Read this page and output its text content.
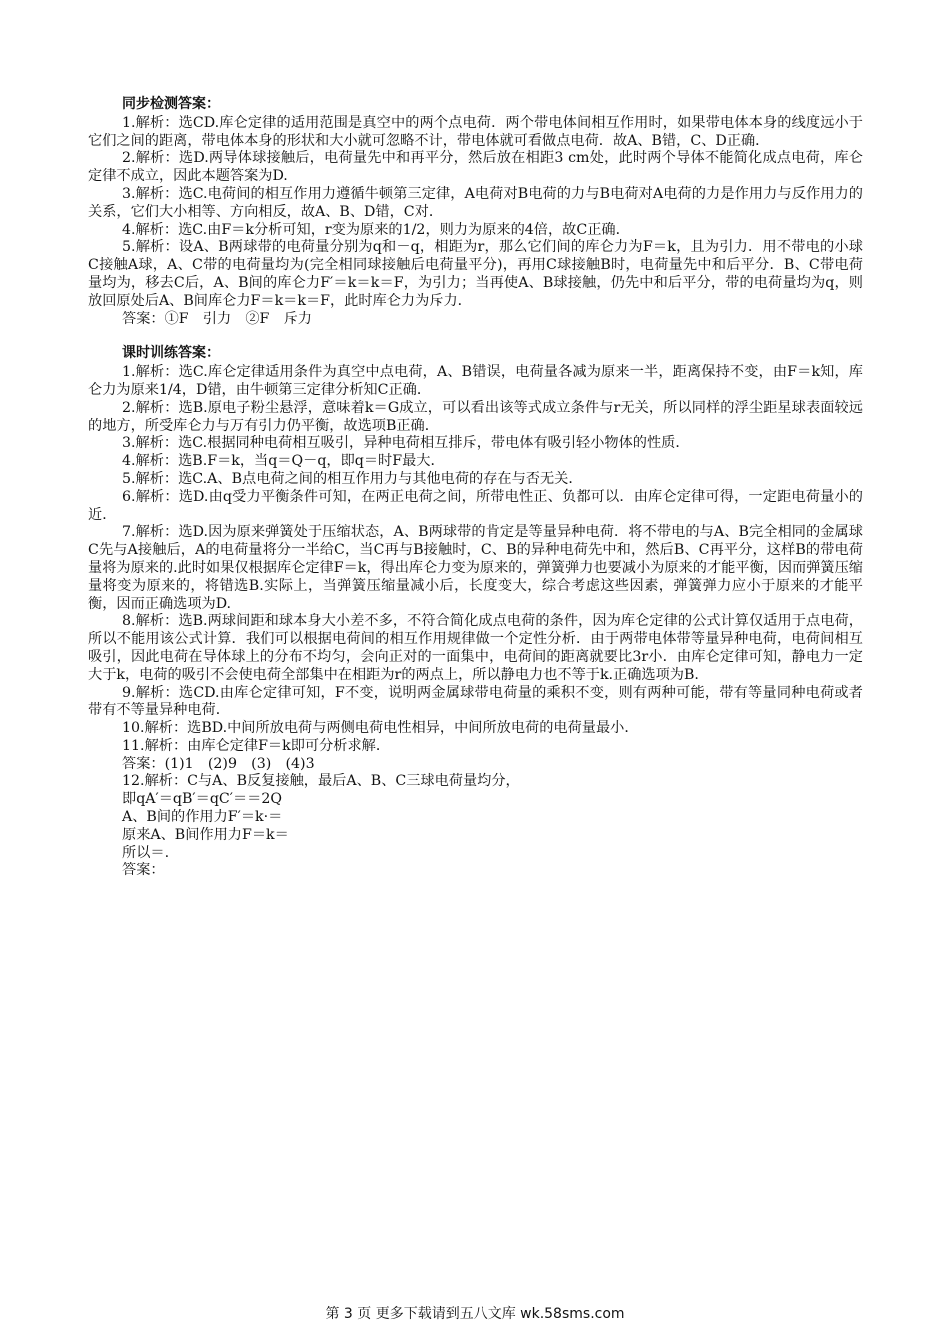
同步检测答案：

1.解析：选CD.库仑定律的适用范围是真空中的两个点电荷．两个带电体间相互作用时，如果带电体本身的线度远小于它们之间的距离，带电体本身的形状和大小就可忽略不计，带电体就可看做点电荷．故A、B错，C、D正确．

2.解析：选D.两导体球接触后，电荷量先中和再平分，然后放在相距3 cm处，此时两个导体不能简化成点电荷，库仑定律不成立，因此本题答案为D.

3.解析：选C.电荷间的相互作用力遵循牛顿第三定律，A电荷对B电荷的力与B电荷对A电荷的力是作用力与反作用力的关系，它们大小相等、方向相反，故A、B、D错，C对．

4.解析：选C.由F＝k分析可知，r变为原来的1/2，则力为原来的4倍，故C正确．

5.解析：设A、B两球带的电荷量分别为q和－q，相距为r，那么它们间的库仑力为F＝k，且为引力．用不带电的小球C接触A球，A、C带的电荷量均为(完全相同球接触后电荷量平分)，再用C球接触B时，电荷量先中和后平分．B、C带电荷量均为，移去C后，A、B间的库仑力F′＝k＝k＝F，为引力；当再使A、B球接触，仍先中和后平分，带的电荷量均为q，则放回原处后A、B间库仑力F＝k＝k＝F，此时库仑力为斥力．

答案：①F　引力　②F　斥力

课时训练答案：

1.解析：选C.库仑定律适用条件为真空中点电荷，A、B错误，电荷量各减为原来一半，距离保持不变，由F＝k知，库仑力为原来1/4，D错，由牛顿第三定律分析知C正确．

2.解析：选B.原电子粉尘悬浮，意味着k＝G成立，可以看出该等式成立条件与r无关，所以同样的浮尘距星球表面较远的地方，所受库仑力与万有引力仍平衡，故选项B正确．

3.解析：选C.根据同种电荷相互吸引，异种电荷相互排斥，带电体有吸引轻小物体的性质．

4.解析：选B.F＝k，当q＝Q－q，即q＝时F最大．

5.解析：选C.A、B点电荷之间的相互作用力与其他电荷的存在与否无关．

6.解析：选D.由q受力平衡条件可知，在两正电荷之间，所带电性正、负都可以．由库仑定律可得，一定距电荷量小的近．

7.解析：选D.因为原来弹簧处于压缩状态，A、B两球带的肯定是等量异种电荷．将不带电的与A、B完全相同的金属球C先与A接触后，A的电荷量将分一半给C，当C再与B接触时，C、B的异种电荷先中和，然后B、C再平分，这样B的带电荷量将为原来的.此时如果仅根据库仑定律F＝k，得出库仑力变为原来的，弹簧弹力也要减小为原来的才能平衡，因而弹簧压缩量将变为原来的，将错选B.实际上，当弹簧压缩量减小后，长度变大，综合考虑这些因素，弹簧弹力应小于原来的才能平衡，因而正确选项为D.

8.解析：选B.两球间距和球本身大小差不多，不符合简化成点电荷的条件，因为库仑定律的公式计算仅适用于点电荷，所以不能用该公式计算．我们可以根据电荷间的相互作用规律做一个定性分析．由于两带电体带等量异种电荷，电荷间相互吸引，因此电荷在导体球上的分布不均匀，会向正对的一面集中，电荷间的距离就要比3r小．由库仑定律可知，静电力一定大于k，电荷的吸引不会使电荷全部集中在相距为r的两点上，所以静电力也不等于k.正确选项为B.

9.解析：选CD.由库仑定律可知，F不变，说明两金属球带电荷量的乘积不变，则有两种可能，带有等量同种电荷或者带有不等量异种电荷．

10.解析：选BD.中间所放电荷与两侧电荷电性相异，中间所放电荷的电荷量最小．

11.解析：由库仑定律F＝k即可分析求解．

答案：(1)1　(2)9　(3)　(4)3

12.解析：C与A、B反复接触，最后A、B、C三球电荷量均分，

即qA′＝qB′＝qC′＝＝2Q

A、B间的作用力F′＝k·＝

原来A、B间作用力F＝k＝

所以＝.

答案：

第 3 页 更多下载请到五八文库 wk.58sms.com
